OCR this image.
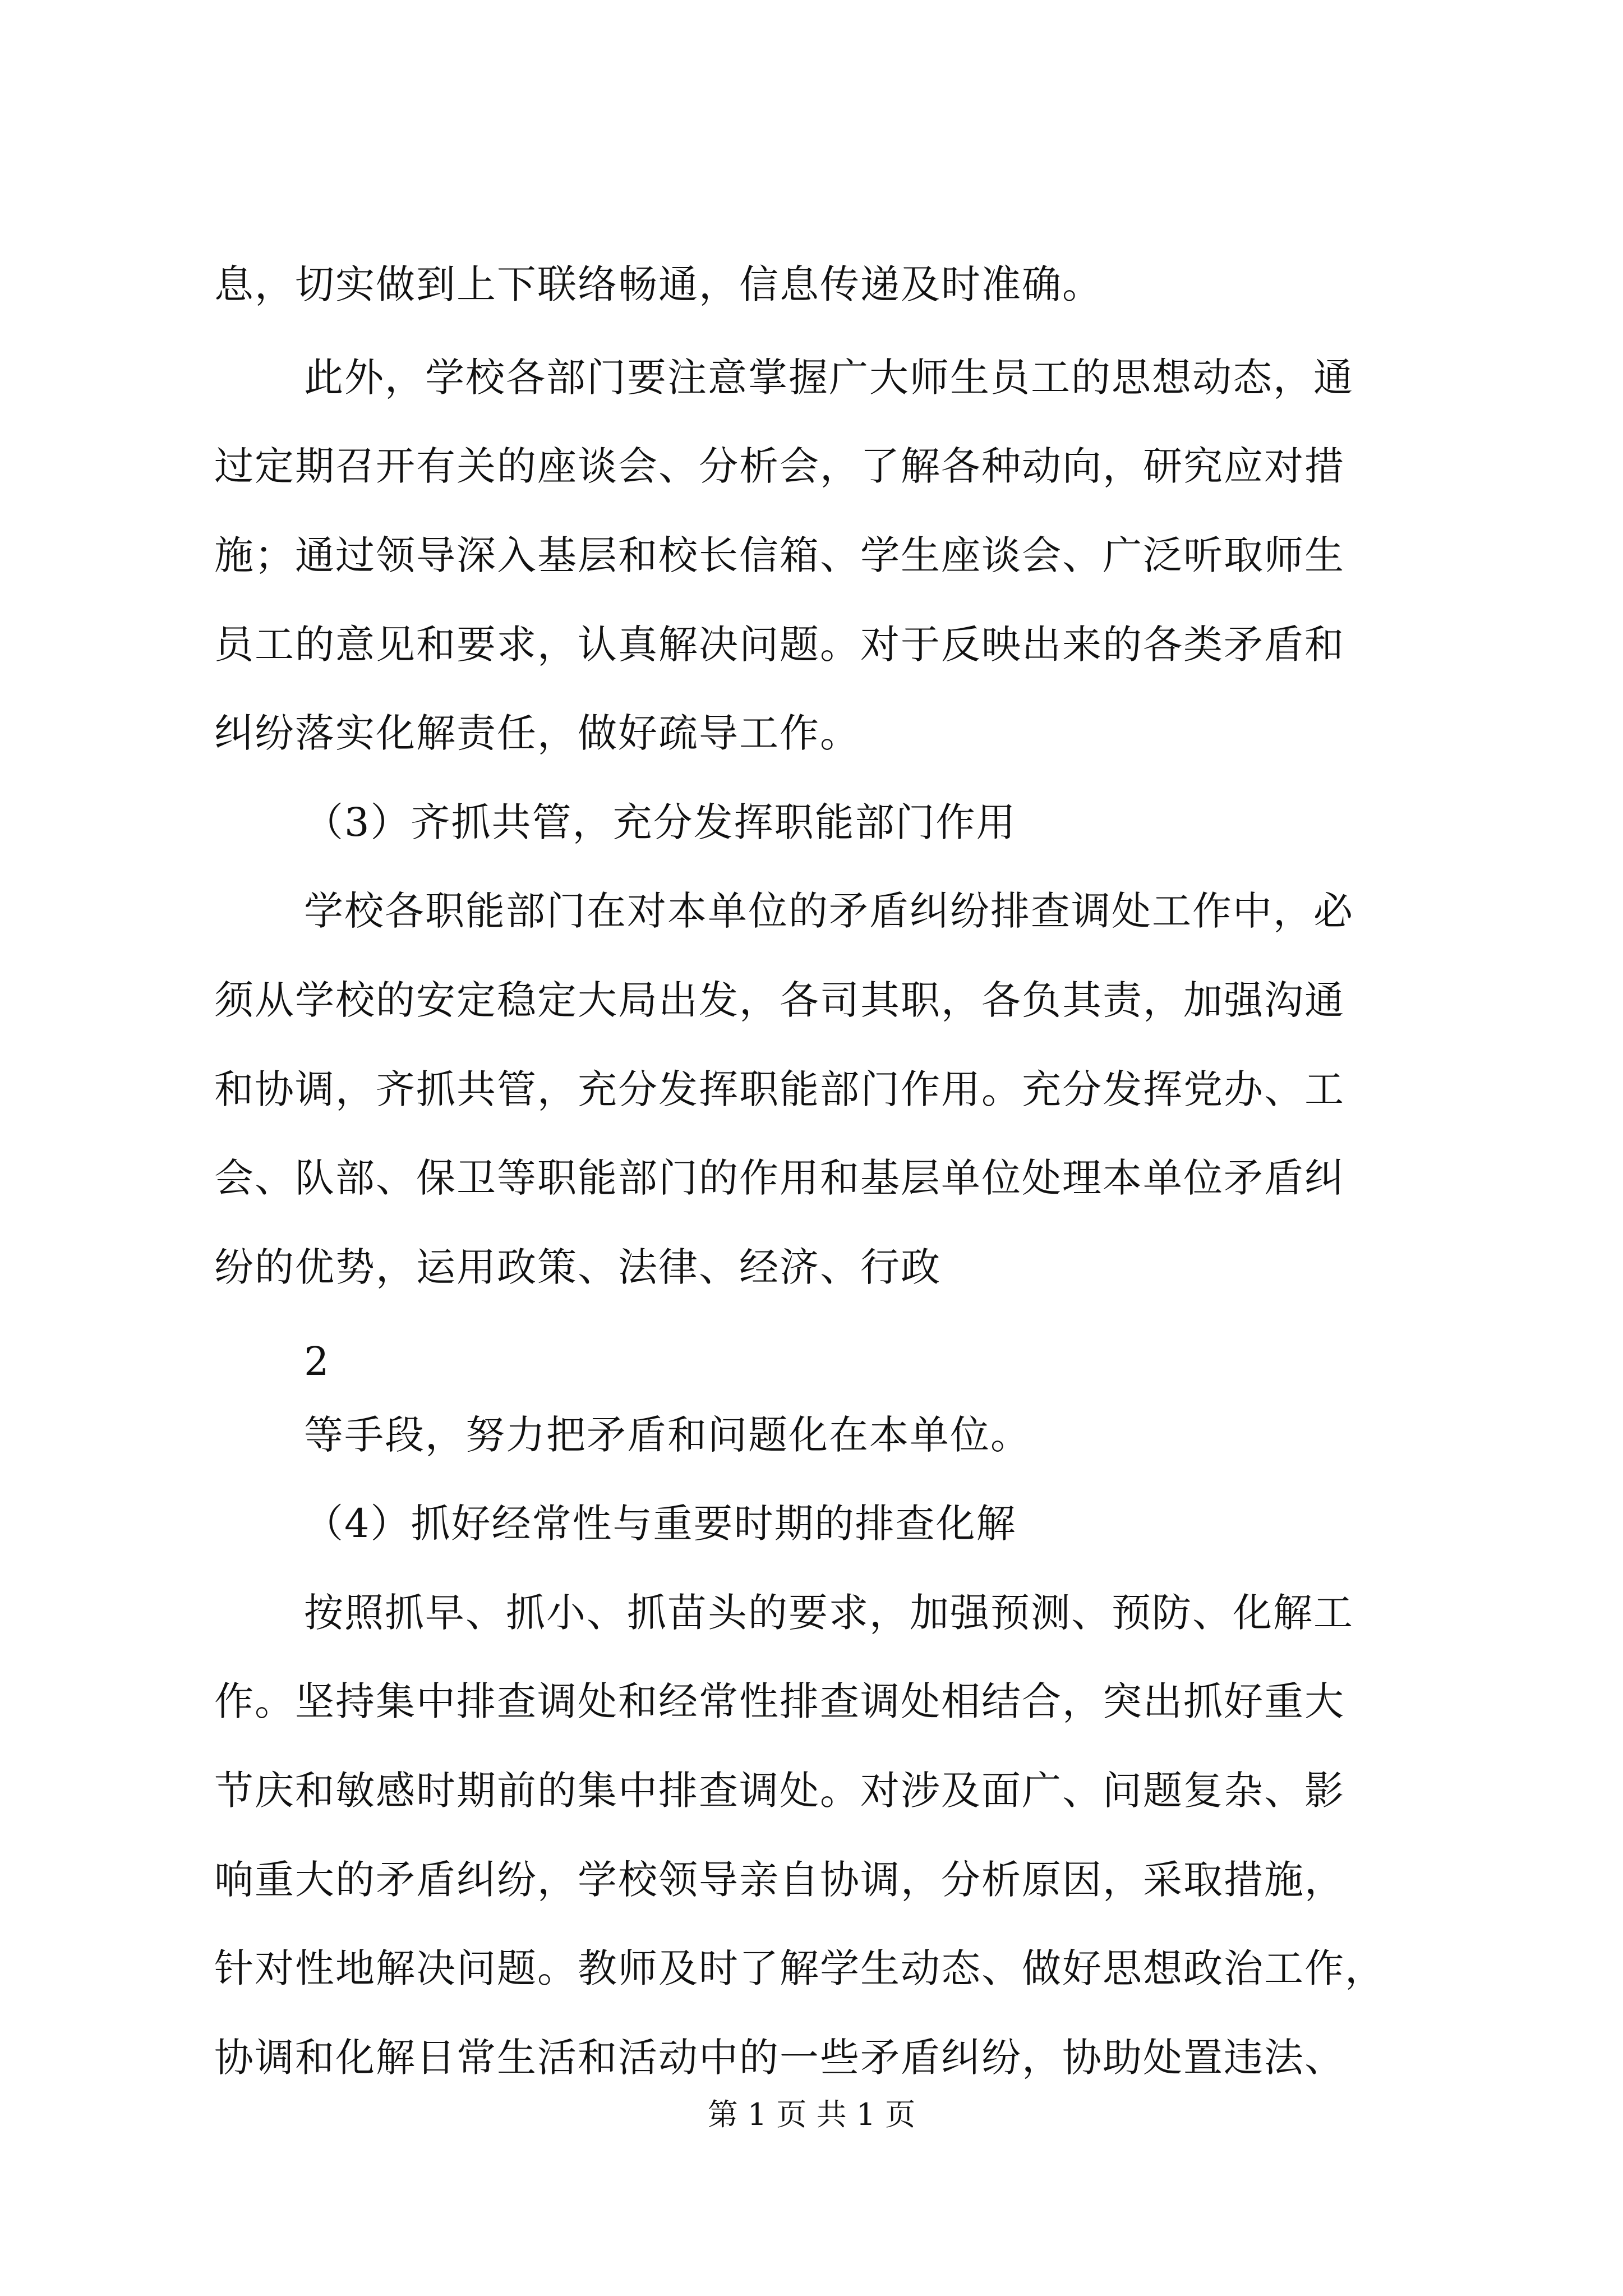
息，切实做到上下联络畅通，信息传递及时准确。

此外，学校各部门要注意掌握广大师生员工的思想动态，通

过定期召开有关的座谈会、分析会，了解各种动向，研究应对措

施；通过领导深入基层和校长信箱、学生座谈会、广泛听取师生

员工的意见和要求，认真解决问题。对于反映出来的各类矛盾和

纠纷落实化解责任，做好疏导工作。

（3）齐抓共管，充分发挥职能部门作用

学校各职能部门在对本单位的矛盾纠纷排查调处工作中，必

须从学校的安定稳定大局出发，各司其职，各负其责，加强沟通

和协调，齐抓共管，充分发挥职能部门作用。充分发挥党办、工

会、队部、保卫等职能部门的作用和基层单位处理本单位矛盾纠

纷的优势，运用政策、法律、经济、行政

2

等手段，努力把矛盾和问题化在本单位。

（4）抓好经常性与重要时期的排查化解

按照抓早、抓小、抓苗头的要求，加强预测、预防、化解工

作。坚持集中排查调处和经常性排查调处相结合，突出抓好重大

节庆和敏感时期前的集中排查调处。对涉及面广、问题复杂、影

响重大的矛盾纠纷，学校领导亲自协调，分析原因，采取措施，

针对性地解决问题。教师及时了解学生动态、做好思想政治工作，

协调和化解日常生活和活动中的一些矛盾纠纷，协助处置违法、

第 1 页 共 1 页
